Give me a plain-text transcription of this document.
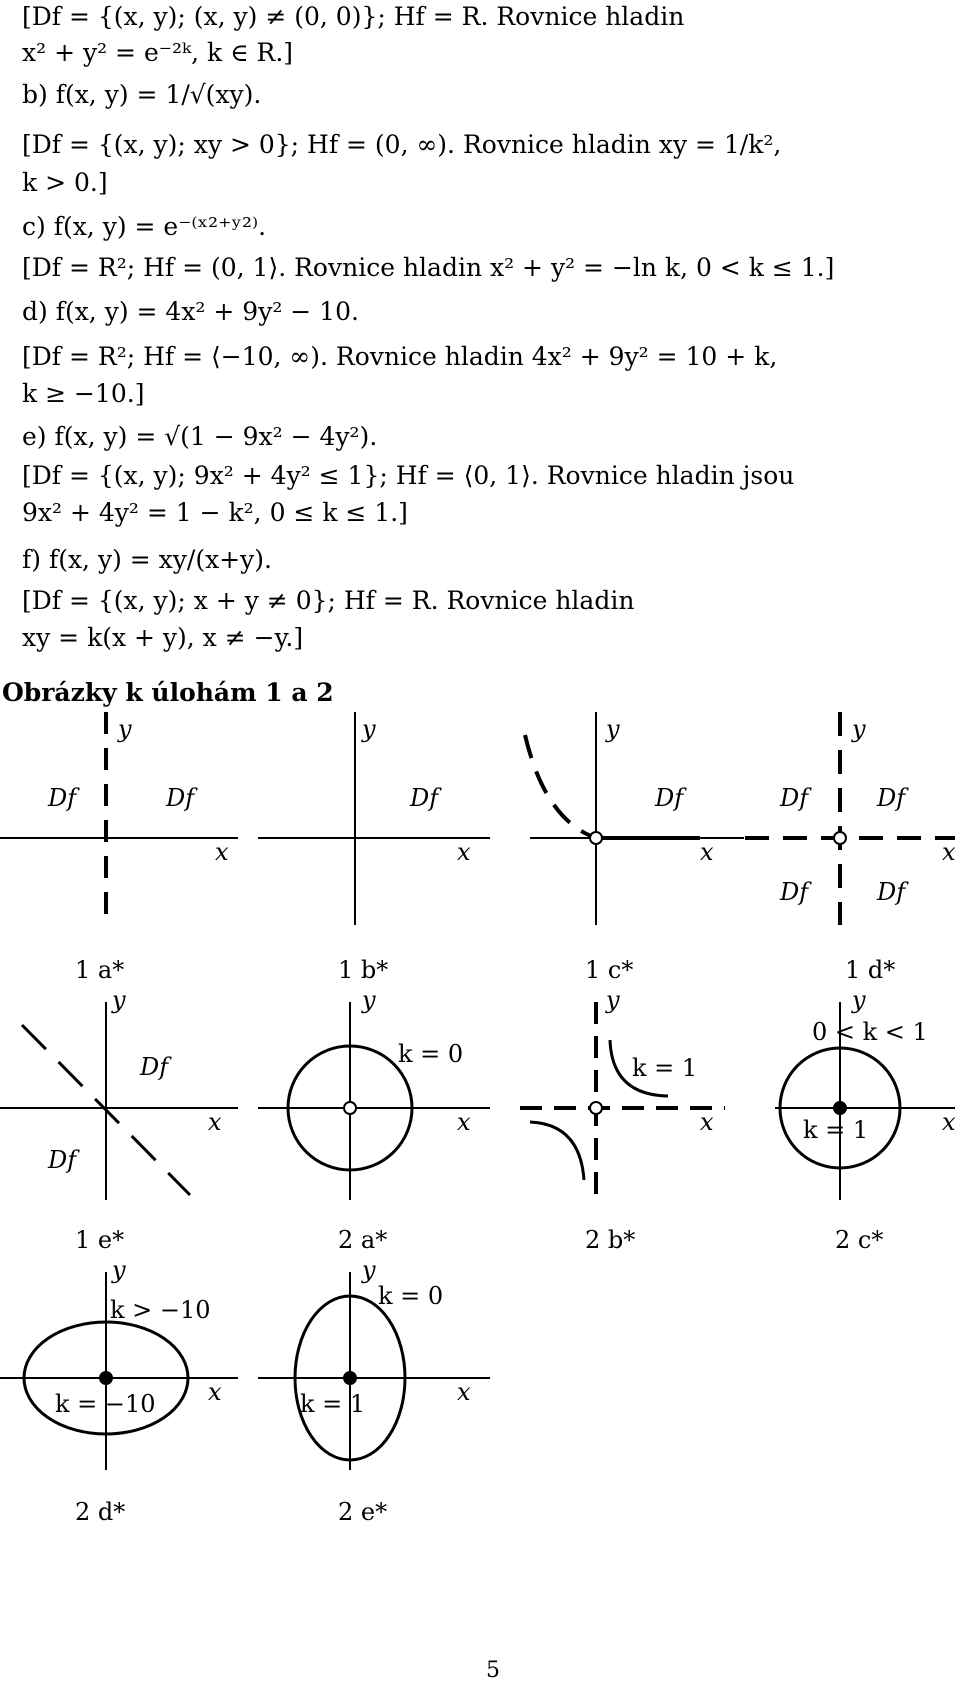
[Df = {(x, y); (x, y) ≠ (0, 0)}; Hf = R. Rovnice hladin
x² + y² = e⁻²ᵏ, k ∈ R.]
b) f(x, y) = 1/√(xy).
[Df = {(x, y); xy > 0}; Hf = (0, ∞). Rovnice hladin xy = 1/k²,
k > 0.]
c) f(x, y) = e⁻⁽ˣ²⁺ʸ²⁾.
[Df = R²; Hf = (0, 1⟩. Rovnice hladin x² + y² = −ln k, 0 < k ≤ 1.]
d) f(x, y) = 4x² + 9y² − 10.
[Df = R²; Hf = ⟨−10, ∞). Rovnice hladin 4x² + 9y² = 10 + k,
k ≥ −10.]
e) f(x, y) = √(1 − 9x² − 4y²).
[Df = {(x, y); 9x² + 4y² ≤ 1}; Hf = ⟨0, 1⟩. Rovnice hladin jsou
9x² + 4y² = 1 − k², 0 ≤ k ≤ 1.]
f) f(x, y) = xy/(x+y).
[Df = {(x, y); x + y ≠ 0}; Hf = R. Rovnice hladin
xy = k(x + y), x ≠ −y.]
Obrázky k úlohám 1 a 2
y
x
Df	Df
y
x
Df
y
x
Df
y
x
Df	Df
Df	Df
1 a*	1 b*	1 c*	1 d*
y
x
Df
Df
y
x
k = 0
y
x
k = 1
y
x
0 < k < 1
k = 1
1 e*	2 a*	2 b*	2 c*
y
x
k > −10
k = −10
y
x
k = 0
k = 1
2 d*	2 e*
5
